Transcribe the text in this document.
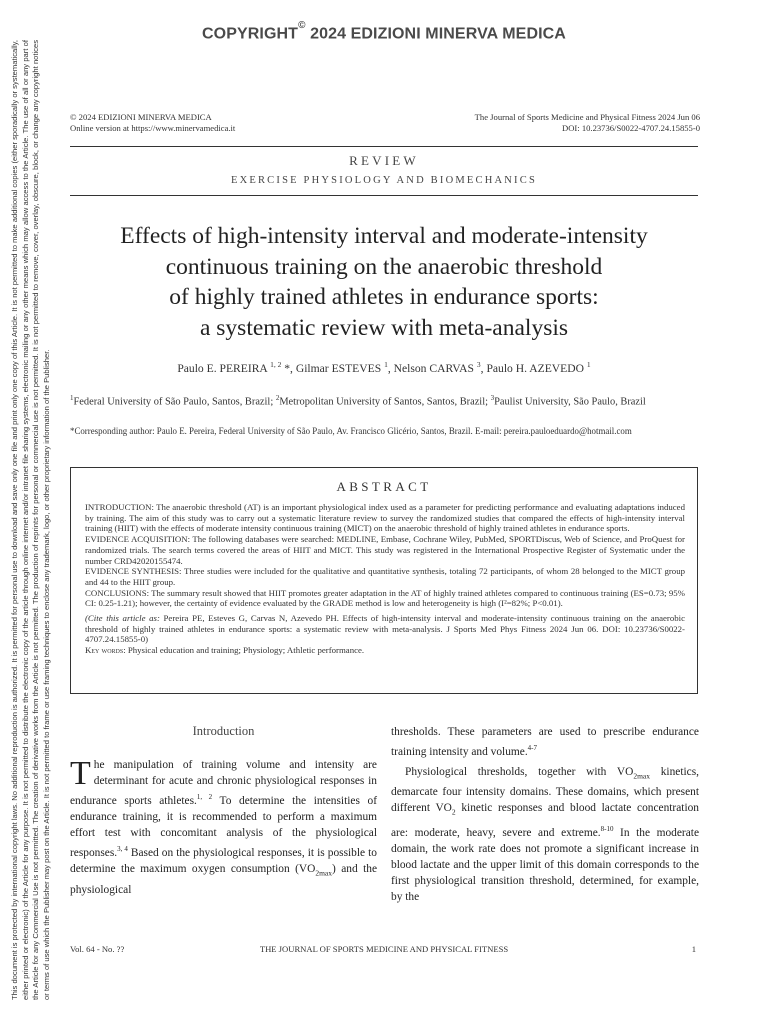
COPYRIGHT© 2024 EDIZIONI MINERVA MEDICA
This document is protected by international copyright laws. No additional reproduction is authorized. It is permitted for personal use to download and save only one file and print only one copy of this Article. It is not permitted to make additional copies (either sporadically or systematically, either printed or electronic) of the Article for any purpose. It is not permitted to distribute the electronic copy of the article through online internet and/or intranet file sharing systems, electronic mailing or any other means which may allow access to the Article. The use of all or any part of the Article for any Commercial Use is not permitted. The creation of derivative works from the Article is not permitted. The production of reprints for personal or commercial use is not permitted. It is not permitted to remove, cover, overlay, obscure, block, or change any copyright notices or terms of use which the Publisher may post on the Article. It is not permitted to frame or use framing techniques to enclose any trademark, logo, or other proprietary information of the Publisher.
© 2024 EDIZIONI MINERVA MEDICA
Online version at https://www.minervamedica.it
The Journal of Sports Medicine and Physical Fitness 2024 Jun 06
DOI: 10.23736/S0022-4707.24.15855-0
REVIEW
EXERCISE PHYSIOLOGY AND BIOMECHANICS
Effects of high-intensity interval and moderate-intensity
continuous training on the anaerobic threshold
of highly trained athletes in endurance sports:
a systematic review with meta-analysis
Paulo E. PEREIRA $^{1, 2}$ *, Gilmar ESTEVES $^1$, Nelson CARVAS $^3$, Paulo H. AZEVEDO $^1$
$^1$Federal University of São Paulo, Santos, Brazil; $^2$Metropolitan University of Santos, Santos, Brazil; $^3$Paulist University, São Paulo, Brazil
*Corresponding author: Paulo E. Pereira, Federal University of São Paulo, Av. Francisco Glicério, Santos, Brazil. E-mail: pereira.pauloeduardo@hotmail.com
ABSTRACT

INTRODUCTION: The anaerobic threshold (AT) is an important physiological index used as a parameter for predicting performance and evaluating adaptations induced by training. The aim of this study was to carry out a systematic literature review to survey the randomized studies that compared the effects of high-intensity interval training (HIIT) with the effects of moderate intensity continuous training (MICT) on the anaerobic threshold of highly trained athletes in endurance sports.

EVIDENCE ACQUISITION: The following databases were searched: MEDLINE, Embase, Cochrane Wiley, PubMed, SPORTDiscus, Web of Science, and ProQuest for randomized trials. The search terms covered the areas of HIIT and MICT. This study was registered in the International Prospective Register of Systematic under the number CRD42020155474.

EVIDENCE SYNTHESIS: Three studies were included for the qualitative and quantitative synthesis, totaling 72 participants, of whom 28 belonged to the MICT group and 44 to the HIIT group.

CONCLUSIONS: The summary result showed that HIIT promotes greater adaptation in the AT of highly trained athletes compared to continuous training (ES=0.73; 95% CI: 0.25-1.21); however, the certainty of evidence evaluated by the GRADE method is low and heterogeneity is high (I²=82%; P<0.01).

(Cite this article as: Pereira PE, Esteves G, Carvas N, Azevedo PH. Effects of high-intensity interval and moderate-intensity continuous training on the anaerobic threshold of highly trained athletes in endurance sports: a systematic review with meta-analysis. J Sports Med Phys Fitness 2024 Jun 06. DOI: 10.23736/S0022-4707.24.15855-0)

Key words: Physical education and training; Physiology; Athletic performance.

Introduction

The manipulation of training volume and intensity are determinant for acute and chronic physiological responses in endurance sports athletes.$^{1, 2}$ To determine the intensities of endurance training, it is recommended to perform a maximum effort test with concomitant analysis of the physiological responses.$^{3, 4}$ Based on the physiological responses, it is possible to determine the maximum oxygen consumption $(VO_{2max})$ and the physiological

thresholds. These parameters are used to prescribe endurance training intensity and volume.$^{4-7}$

Physiological thresholds, together with $VO_{2max}$ kinetics, demarcate four intensity domains. These domains, which present different $VO_2$ kinetic responses and blood lactate concentration are: moderate, heavy, severe and extreme.$^{8-10}$ In the moderate domain, the work rate does not promote a significant increase in blood lactate and the upper limit of this domain corresponds to the first physiological transition threshold, determined, for example, by the

Vol. 64 - No. ??	THE JOURNAL OF SPORTS MEDICINE AND PHYSICAL FITNESS	1
